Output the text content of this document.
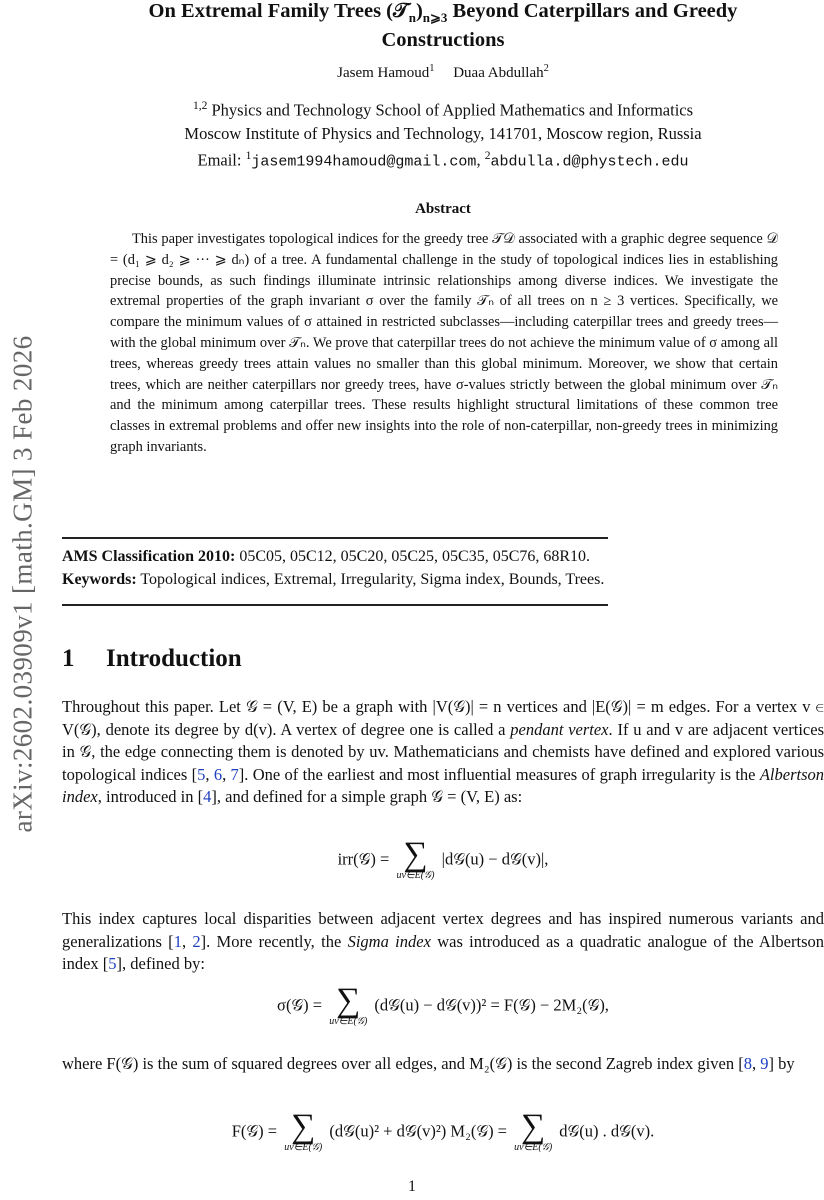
arXiv:2602.03909v1 [math.GM] 3 Feb 2026
On Extremal Family Trees $(𝒯_n)_{n⩾3}$ Beyond Caterpillars and Greedy
Constructions
Jasem Hamoud$^1$ Duaa Abdullah$^2$
$^{1,2}$ Physics and Technology School of Applied Mathematics and Informatics
Moscow Institute of Physics and Technology, 141701, Moscow region, Russia
Email: $^1$jasem1994hamoud@gmail.com, $^2$abdulla.d@phystech.edu
Abstract

This paper investigates topological indices for the greedy tree 𝒯𝒟 associated with a graphic degree sequence 𝒟 = (d₁ ⩾ d₂ ⩾ ··· ⩾ dₙ) of a tree. A fundamental challenge in the study of topological indices lies in establishing precise bounds, as such findings illuminate intrinsic relationships among diverse indices. We investigate the extremal properties of the graph invariant σ over the family 𝒯ₙ of all trees on n ≥ 3 vertices. Specifically, we compare the minimum values of σ attained in restricted subclasses—including caterpillar trees and greedy trees—with the global minimum over 𝒯ₙ. We prove that caterpillar trees do not achieve the minimum value of σ among all trees, whereas greedy trees attain values no smaller than this global minimum. Moreover, we show that certain trees, which are neither caterpillars nor greedy trees, have σ-values strictly between the global minimum over 𝒯ₙ and the minimum among caterpillar trees. These results highlight structural limitations of these common tree classes in extremal problems and offer new insights into the role of non-caterpillar, non-greedy trees in minimizing graph invariants.

AMS Classification 2010: 05C05, 05C12, 05C20, 05C25, 05C35, 05C76, 68R10.
Keywords: Topological indices, Extremal, Irregularity, Sigma index, Bounds, Trees.
1 Introduction

Throughout this paper. Let 𝒢 = (V, E) be a graph with |V(𝒢)| = n vertices and |E(𝒢)| = m edges. For a vertex v ∈ V(𝒢), denote its degree by d(v). A vertex of degree one is called a pendant vertex. If u and v are adjacent vertices in 𝒢, the edge connecting them is denoted by uv. Mathematicians and chemists have defined and explored various topological indices [5, 6, 7]. One of the earliest and most influential measures of graph irregularity is the Albertson index, introduced in [4], and defined for a simple graph 𝒢 = (V, E) as:

irr(𝒢) = ∑
uv∈E(𝒢)
|d𝒢(u) − d𝒢(v)|,

This index captures local disparities between adjacent vertex degrees and has inspired numerous variants and generalizations [1, 2]. More recently, the Sigma index was introduced as a quadratic analogue of the Albertson index [5], defined by:

σ(𝒢) = ∑
uv∈E(𝒢)
(d𝒢(u) − d𝒢(v))² = F(𝒢) − 2M₂(𝒢),

where F(𝒢) is the sum of squared degrees over all edges, and M₂(𝒢) is the second Zagreb index given [8, 9] by

F(𝒢) = ∑
uv∈E(𝒢)
(d𝒢(u)² + d𝒢(v)²) M₂(𝒢) = ∑
uv∈E(𝒢)
d𝒢(u) . d𝒢(v).
1
